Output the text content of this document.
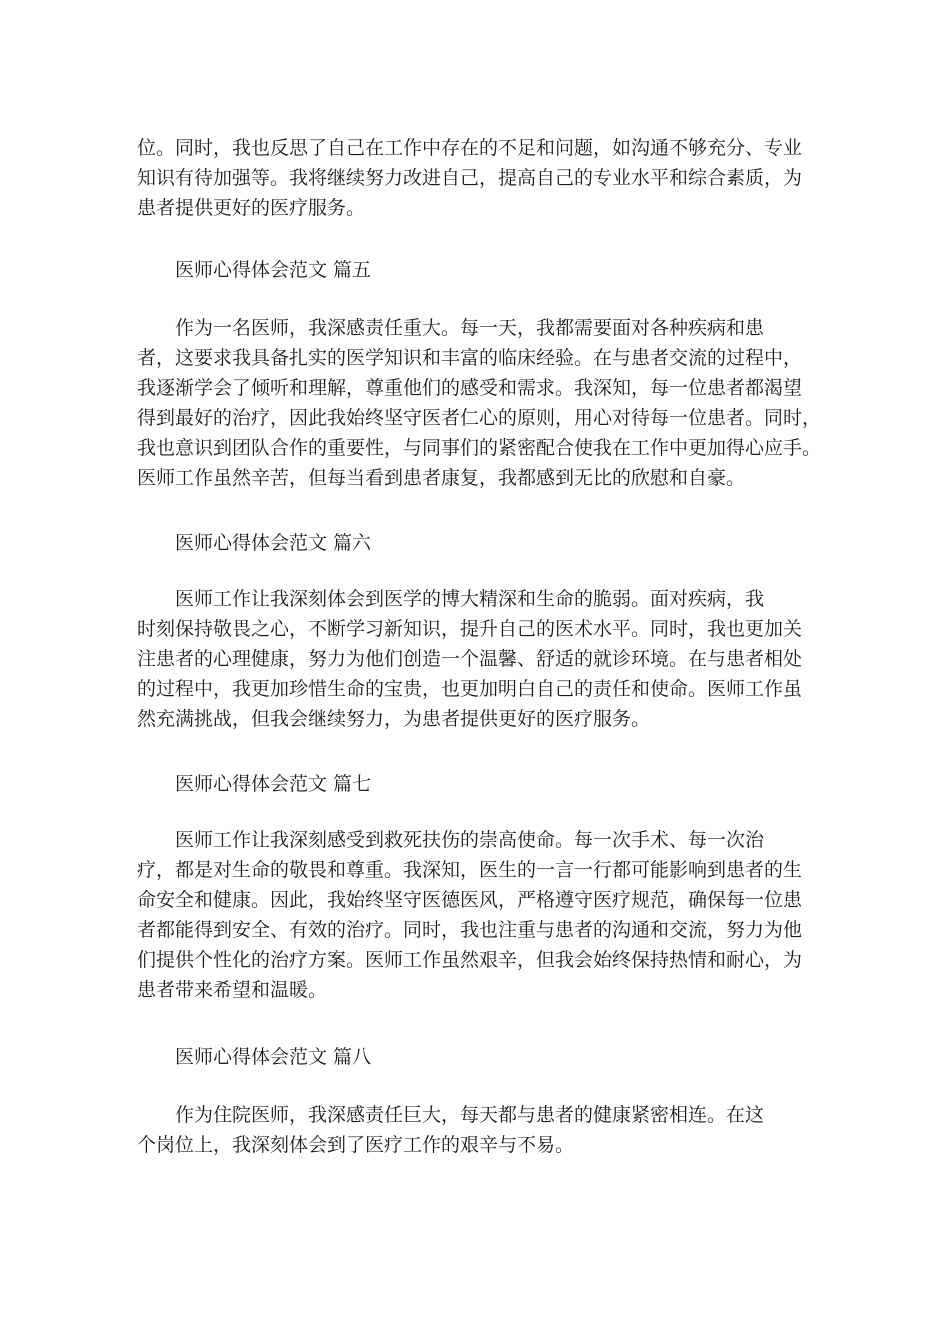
位。同时，我也反思了自己在工作中存在的不足和问题，如沟通不够充分、专业
知识有待加强等。我将继续努力改进自己，提高自己的专业水平和综合素质，为
患者提供更好的医疗服务。

医师心得体会范文 篇五

　　作为一名医师，我深感责任重大。每一天，我都需要面对各种疾病和患
者，这要求我具备扎实的医学知识和丰富的临床经验。在与患者交流的过程中，
我逐渐学会了倾听和理解，尊重他们的感受和需求。我深知，每一位患者都渴望
得到最好的治疗，因此我始终坚守医者仁心的原则，用心对待每一位患者。同时，
我也意识到团队合作的重要性，与同事们的紧密配合使我在工作中更加得心应手。
医师工作虽然辛苦，但每当看到患者康复，我都感到无比的欣慰和自豪。

医师心得体会范文 篇六

　　医师工作让我深刻体会到医学的博大精深和生命的脆弱。面对疾病，我
时刻保持敬畏之心，不断学习新知识，提升自己的医术水平。同时，我也更加关
注患者的心理健康，努力为他们创造一个温馨、舒适的就诊环境。在与患者相处
的过程中，我更加珍惜生命的宝贵，也更加明白自己的责任和使命。医师工作虽
然充满挑战，但我会继续努力，为患者提供更好的医疗服务。

医师心得体会范文 篇七

　　医师工作让我深刻感受到救死扶伤的崇高使命。每一次手术、每一次治
疗，都是对生命的敬畏和尊重。我深知，医生的一言一行都可能影响到患者的生
命安全和健康。因此，我始终坚守医德医风，严格遵守医疗规范，确保每一位患
者都能得到安全、有效的治疗。同时，我也注重与患者的沟通和交流，努力为他
们提供个性化的治疗方案。医师工作虽然艰辛，但我会始终保持热情和耐心，为
患者带来希望和温暖。

医师心得体会范文 篇八

　　作为住院医师，我深感责任巨大，每天都与患者的健康紧密相连。在这
个岗位上，我深刻体会到了医疗工作的艰辛与不易。
